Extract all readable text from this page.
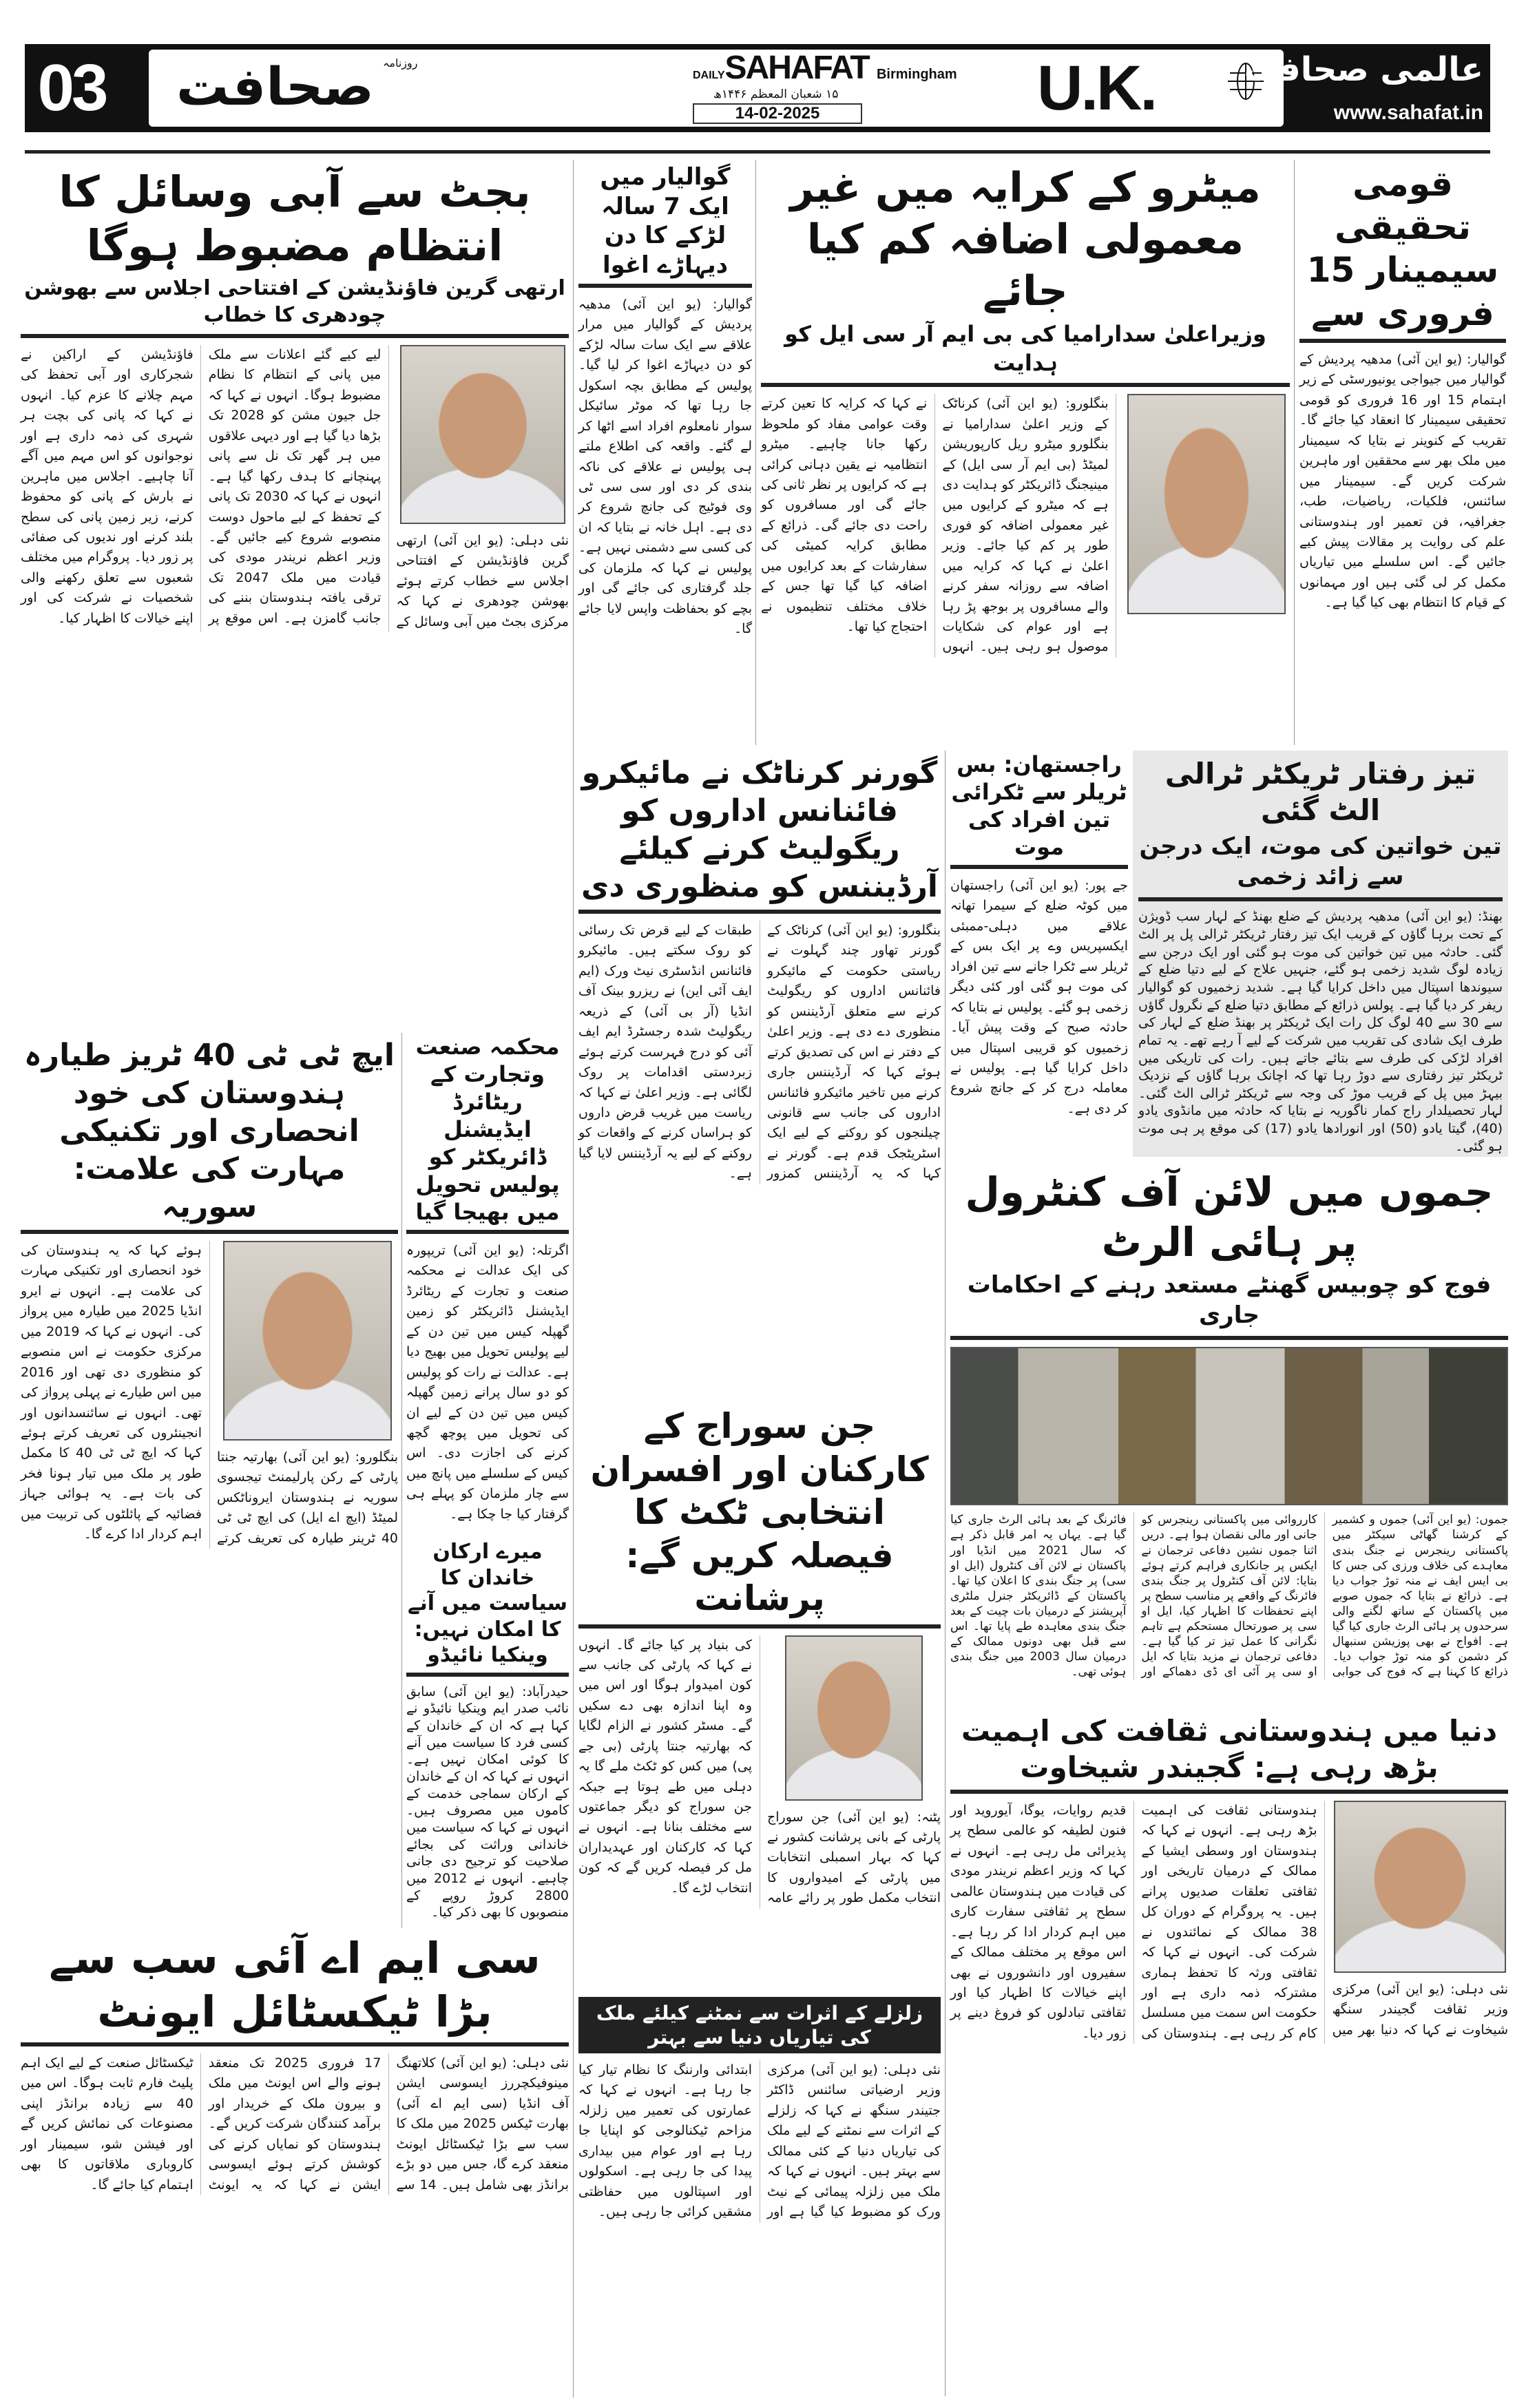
03 صحافت روزنامہ
DAILYSAHAFAT Birmingham
۱۵ شعبان المعظم ۱۴۴۶ھ
14-02-2025	U.K.	عالمی صحافت
www.sahafat.in
قومی تحقیقی سیمینار 15 فروری سے
گوالیار: (یو این آئی) مدھیہ پردیش کے گوالیار میں جیواجی یونیورسٹی کے زیر اہتمام 15 اور 16 فروری کو قومی تحقیقی سیمینار کا انعقاد کیا جائے گا۔ تقریب کے کنوینر نے بتایا کہ سیمینار میں ملک بھر سے محققین اور ماہرین شرکت کریں گے۔ سیمینار میں سائنس، فلکیات، ریاضیات، طب، جغرافیہ، فن تعمیر اور ہندوستانی علم کی روایت پر مقالات پیش کیے جائیں گے۔ اس سلسلے میں تیاریاں مکمل کر لی گئی ہیں اور مہمانوں کے قیام کا انتظام بھی کیا گیا ہے۔
میٹرو کے کرایہ میں غیر معمولی اضافہ کم کیا جائے
وزیراعلیٰ سدارامیا کی بی ایم آر سی ایل کو ہدایت
بنگلورو: (یو این آئی) کرناٹک کے وزیر اعلیٰ سدارامیا نے بنگلورو میٹرو ریل کارپوریشن لمیٹڈ (بی ایم آر سی ایل) کے مینیجنگ ڈائریکٹر کو ہدایت دی ہے کہ میٹرو کے کرایوں میں غیر معمولی اضافہ کو فوری طور پر کم کیا جائے۔ وزیر اعلیٰ نے کہا کہ کرایہ میں اضافہ سے روزانہ سفر کرنے والے مسافروں پر بوجھ پڑ رہا ہے اور عوام کی شکایات موصول ہو رہی ہیں۔ انہوں نے کہا کہ کرایہ کا تعین کرتے وقت عوامی مفاد کو ملحوظ رکھا جانا چاہیے۔ میٹرو انتظامیہ نے یقین دہانی کرائی ہے کہ کرایوں پر نظر ثانی کی جائے گی اور مسافروں کو راحت دی جائے گی۔ ذرائع کے مطابق کرایہ کمیٹی کی سفارشات کے بعد کرایوں میں اضافہ کیا گیا تھا جس کے خلاف مختلف تنظیموں نے احتجاج کیا تھا۔
گوالیار میں ایک 7 سالہ لڑکے کا دن دیہاڑے اغوا
گوالیار: (یو این آئی) مدھیہ پردیش کے گوالیار میں مرار علاقے سے ایک سات سالہ لڑکے کو دن دیہاڑے اغوا کر لیا گیا۔ پولیس کے مطابق بچہ اسکول جا رہا تھا کہ موٹر سائیکل سوار نامعلوم افراد اسے اٹھا کر لے گئے۔ واقعہ کی اطلاع ملتے ہی پولیس نے علاقے کی ناکہ بندی کر دی اور سی سی ٹی وی فوٹیج کی جانچ شروع کر دی ہے۔ اہل خانہ نے بتایا کہ ان کی کسی سے دشمنی نہیں ہے۔ پولیس نے کہا کہ ملزمان کی جلد گرفتاری کی جائے گی اور بچے کو بحفاظت واپس لایا جائے گا۔
بجٹ سے آبی وسائل کا انتظام مضبوط ہوگا
ارتھی گرین فاؤنڈیشن کے افتتاحی اجلاس سے بھوشن چودھری کا خطاب
نئی دہلی: (یو این آئی) ارتھی گرین فاؤنڈیشن کے افتتاحی اجلاس سے خطاب کرتے ہوئے بھوشن چودھری نے کہا کہ مرکزی بجٹ میں آبی وسائل کے لیے کیے گئے اعلانات سے ملک میں پانی کے انتظام کا نظام مضبوط ہوگا۔ انہوں نے کہا کہ جل جیون مشن کو 2028 تک بڑھا دیا گیا ہے اور دیہی علاقوں میں ہر گھر تک نل سے پانی پہنچانے کا ہدف رکھا گیا ہے۔ انہوں نے کہا کہ 2030 تک پانی کے تحفظ کے لیے ماحول دوست منصوبے شروع کیے جائیں گے۔ وزیر اعظم نریندر مودی کی قیادت میں ملک 2047 تک ترقی یافتہ ہندوستان بننے کی جانب گامزن ہے۔ اس موقع پر فاؤنڈیشن کے اراکین نے شجرکاری اور آبی تحفظ کی مہم چلانے کا عزم کیا۔ انہوں نے کہا کہ پانی کی بچت ہر شہری کی ذمہ داری ہے اور نوجوانوں کو اس مہم میں آگے آنا چاہیے۔ اجلاس میں ماہرین نے بارش کے پانی کو محفوظ کرنے، زیر زمین پانی کی سطح بلند کرنے اور ندیوں کی صفائی پر زور دیا۔ پروگرام میں مختلف شعبوں سے تعلق رکھنے والی شخصیات نے شرکت کی اور اپنے خیالات کا اظہار کیا۔
تیز رفتار ٹریکٹر ٹرالی الٹ گئی
تین خواتین کی موت، ایک درجن سے زائد زخمی
بھنڈ: (یو این آئی) مدھیہ پردیش کے ضلع بھنڈ کے لہار سب ڈویژن کے تحت برہا گاؤں کے قریب ایک تیز رفتار ٹریکٹر ٹرالی پل پر الٹ گئی۔ حادثہ میں تین خواتین کی موت ہو گئی اور ایک درجن سے زیادہ لوگ شدید زخمی ہو گئے، جنہیں علاج کے لیے دتیا ضلع کے سیوندھا اسپتال میں داخل کرایا گیا ہے۔ شدید زخمیوں کو گوالیار ریفر کر دیا گیا ہے۔ پولس ذرائع کے مطابق دتیا ضلع کے نگرول گاؤں سے 30 سے 40 لوگ کل رات ایک ٹریکٹر پر بھنڈ ضلع کے لہار کی طرف ایک شادی کی تقریب میں شرکت کے لیے آ رہے تھے۔ یہ تمام افراد لڑکی کی طرف سے بتائے جاتے ہیں۔ رات کی تاریکی میں ٹریکٹر تیز رفتاری سے دوڑ رہا تھا کہ اچانک برہا گاؤں کے نزدیک بیہڑ میں پل کے قریب موڑ کی وجہ سے ٹریکٹر ٹرالی الٹ گئی۔ لہار تحصیلدار راج کمار ناگوریہ نے بتایا کہ حادثہ میں مانڈوی یادو (40)، گیتا یادو (50) اور انورادھا یادو (17) کی موقع پر ہی موت ہو گئی۔
راجستھان: بس ٹریلر سے ٹکرائی تین افراد کی موت
جے پور: (یو این آئی) راجستھان میں کوٹہ ضلع کے سیمرا تھانہ علاقے میں دہلی-ممبئی ایکسپریس وے پر ایک بس کے ٹریلر سے ٹکرا جانے سے تین افراد کی موت ہو گئی اور کئی دیگر زخمی ہو گئے۔ پولیس نے بتایا کہ حادثہ صبح کے وقت پیش آیا۔ زخمیوں کو قریبی اسپتال میں داخل کرایا گیا ہے۔ پولیس نے معاملہ درج کر کے جانچ شروع کر دی ہے۔
گورنر کرناٹک نے مائیکرو فائنانس اداروں کو ریگولیٹ کرنے کیلئے آرڈیننس کو منظوری دی
بنگلورو: (یو این آئی) کرناٹک کے گورنر تھاور چند گہلوت نے ریاستی حکومت کے مائیکرو فائنانس اداروں کو ریگولیٹ کرنے سے متعلق آرڈیننس کو منظوری دے دی ہے۔ وزیر اعلیٰ کے دفتر نے اس کی تصدیق کرتے ہوئے کہا کہ آرڈیننس جاری کرنے میں تاخیر مائیکرو فائنانس اداروں کی جانب سے قانونی چیلنجوں کو روکنے کے لیے ایک اسٹریٹجک قدم ہے۔ گورنر نے کہا کہ یہ آرڈیننس کمزور طبقات کے لیے قرض تک رسائی کو روک سکتے ہیں۔ مائیکرو فائنانس انڈسٹری نیٹ ورک (ایم ایف آئی این) نے ریزرو بینک آف انڈیا (آر بی آئی) کے ذریعہ ریگولیٹ شدہ رجسٹرڈ ایم ایف آئی کو درج فہرست کرتے ہوئے زبردستی اقدامات پر روک لگائی ہے۔ وزیر اعلیٰ نے کہا کہ ریاست میں غریب قرض داروں کو ہراساں کرنے کے واقعات کو روکنے کے لیے یہ آرڈیننس لایا گیا ہے۔
ایچ ٹی ٹی 40 ٹریز طیارہ ہندوستان کی خود انحصاری اور تکنیکی مہارت کی علامت: سوریہ
بنگلورو: (یو این آئی) بھارتیہ جنتا پارٹی کے رکن پارلیمنٹ تیجسوی سوریہ نے ہندوستان ایروناٹکس لمیٹڈ (ایچ اے ایل) کی ایچ ٹی ٹی 40 ٹرینر طیارہ کی تعریف کرتے ہوئے کہا کہ یہ ہندوستان کی خود انحصاری اور تکنیکی مہارت کی علامت ہے۔ انہوں نے ایرو انڈیا 2025 میں طیارہ میں پرواز کی۔ انہوں نے کہا کہ 2019 میں مرکزی حکومت نے اس منصوبے کو منظوری دی تھی اور 2016 میں اس طیارے نے پہلی پرواز کی تھی۔ انہوں نے سائنسدانوں اور انجینئروں کی تعریف کرتے ہوئے کہا کہ ایچ ٹی ٹی 40 کا مکمل طور پر ملک میں تیار ہونا فخر کی بات ہے۔ یہ ہوائی جہاز فضائیہ کے پائلٹوں کی تربیت میں اہم کردار ادا کرے گا۔
محکمہ صنعت وتجارت کے ریٹائرڈ ایڈیشنل ڈائریکٹر کو پولیس تحویل میں بھیجا گیا
اگرتلہ: (یو این آئی) تریپورہ کی ایک عدالت نے محکمہ صنعت و تجارت کے ریٹائرڈ ایڈیشنل ڈائریکٹر کو زمین گھپلہ کیس میں تین دن کے لیے پولیس تحویل میں بھیج دیا ہے۔ عدالت نے رات کو پولیس کو دو سال پرانے زمین گھپلہ کیس میں تین دن کے لیے ان کی تحویل میں پوچھ گچھ کرنے کی اجازت دی۔ اس کیس کے سلسلے میں پانچ میں سے چار ملزمان کو پہلے ہی گرفتار کیا جا چکا ہے۔
جموں میں لائن آف کنٹرول پر ہائی الرٹ
فوج کو چوبیس گھنٹے مستعد رہنے کے احکامات جاری
جموں: (یو این آئی) جموں و کشمیر کے کرشنا گھاٹی سیکٹر میں پاکستانی رینجرس نے جنگ بندی معاہدے کی خلاف ورزی کی جس کا بی ایس ایف نے منہ توڑ جواب دیا ہے۔ ذرائع نے بتایا کہ جموں صوبے میں پاکستان کے ساتھ لگنے والی سرحدوں پر ہائی الرٹ جاری کیا گیا ہے۔ افواج نے بھی پوزیشن سنبھال کر دشمن کو منہ توڑ جواب دیا۔ ذرائع کا کہنا ہے کہ فوج کی جوابی کارروائی میں پاکستانی رینجرس کو جانی اور مالی نقصان ہوا ہے۔ دریں اثنا جموں نشین دفاعی ترجمان نے ایکس پر جانکاری فراہم کرتے ہوئے بتایا: لائن آف کنٹرول پر جنگ بندی فائرنگ کے واقعے پر مناسب سطح پر اپنے تحفظات کا اظہار کیا، ایل او سی پر صورتحال مستحکم ہے تاہم نگرانی کا عمل تیز تر کیا گیا ہے۔ دفاعی ترجمان نے مزید بتایا کہ ایل او سی پر آئی ای ڈی دھماکے اور فائرنگ کے بعد ہائی الرٹ جاری کیا گیا ہے۔ یہاں یہ امر قابل ذکر ہے کہ سال 2021 میں انڈیا اور پاکستان نے لائن آف کنٹرول (ایل او سی) پر جنگ بندی کا اعلان کیا تھا۔ پاکستان کے ڈائریکٹر جنرل ملٹری آپریشنز کے درمیان بات چیت کے بعد جنگ بندی معاہدہ طے پایا تھا۔ اس سے قبل بھی دونوں ممالک کے درمیان سال 2003 میں جنگ بندی ہوئی تھی۔
جن سوراج کے کارکنان اور افسران انتخابی ٹکٹ کا فیصلہ کریں گے: پرشانت
پٹنہ: (یو این آئی) جن سوراج پارٹی کے بانی پرشانت کشور نے کہا کہ بہار اسمبلی انتخابات میں پارٹی کے امیدواروں کا انتخاب مکمل طور پر رائے عامہ کی بنیاد پر کیا جائے گا۔ انہوں نے کہا کہ پارٹی کی جانب سے کون امیدوار ہوگا اور اس میں وہ اپنا اندازہ بھی دے سکیں گے۔ مسٹر کشور نے الزام لگایا کہ بھارتیہ جنتا پارٹی (بی جے پی) میں کس کو ٹکٹ ملے گا یہ دہلی میں طے ہوتا ہے جبکہ جن سوراج کو دیگر جماعتوں سے مختلف بنانا ہے۔ انہوں نے کہا کہ کارکنان اور عہدیداران مل کر فیصلہ کریں گے کہ کون انتخاب لڑے گا۔
میرے ارکان خاندان کا سیاست میں آنے کا امکان نہیں: وینکیا نائیڈو
حیدرآباد: (یو این آئی) سابق نائب صدر ایم وینکیا نائیڈو نے کہا ہے کہ ان کے خاندان کے کسی فرد کا سیاست میں آنے کا کوئی امکان نہیں ہے۔ انہوں نے کہا کہ ان کے خاندان کے ارکان سماجی خدمت کے کاموں میں مصروف ہیں۔ انہوں نے کہا کہ سیاست میں خاندانی وراثت کی بجائے صلاحیت کو ترجیح دی جانی چاہیے۔ انہوں نے 2012 میں 2800 کروڑ روپے کے منصوبوں کا بھی ذکر کیا۔
دنیا میں ہندوستانی ثقافت کی اہمیت بڑھ رہی ہے: گجیندر شیخاوت
نئی دہلی: (یو این آئی) مرکزی وزیر ثقافت گجیندر سنگھ شیخاوت نے کہا کہ دنیا بھر میں ہندوستانی ثقافت کی اہمیت بڑھ رہی ہے۔ انہوں نے کہا کہ ہندوستان اور وسطی ایشیا کے ممالک کے درمیان تاریخی اور ثقافتی تعلقات صدیوں پرانے ہیں۔ یہ پروگرام کے دوران کل 38 ممالک کے نمائندوں نے شرکت کی۔ انہوں نے کہا کہ ثقافتی ورثہ کا تحفظ ہماری مشترکہ ذمہ داری ہے اور حکومت اس سمت میں مسلسل کام کر رہی ہے۔ ہندوستان کی قدیم روایات، یوگا، آیوروید اور فنون لطیفہ کو عالمی سطح پر پذیرائی مل رہی ہے۔ انہوں نے کہا کہ وزیر اعظم نریندر مودی کی قیادت میں ہندوستان عالمی سطح پر ثقافتی سفارت کاری میں اہم کردار ادا کر رہا ہے۔ اس موقع پر مختلف ممالک کے سفیروں اور دانشوروں نے بھی اپنے خیالات کا اظہار کیا اور ثقافتی تبادلوں کو فروغ دینے پر زور دیا۔
سی ایم اے آئی سب سے بڑا ٹیکسٹائل ایونٹ
نئی دہلی: (یو این آئی) کلاتھنگ مینوفیکچررز ایسوسی ایشن آف انڈیا (سی ایم اے آئی) بھارت ٹیکس 2025 میں ملک کا سب سے بڑا ٹیکسٹائل ایونٹ منعقد کرے گا، جس میں دو بڑے برانڈز بھی شامل ہیں۔ 14 سے 17 فروری 2025 تک منعقد ہونے والے اس ایونٹ میں ملک و بیرون ملک کے خریدار اور برآمد کنندگان شرکت کریں گے۔ ہندوستان کو نمایاں کرنے کی کوشش کرتے ہوئے ایسوسی ایشن نے کہا کہ یہ ایونٹ ٹیکسٹائل صنعت کے لیے ایک اہم پلیٹ فارم ثابت ہوگا۔ اس میں 40 سے زیادہ برانڈز اپنی مصنوعات کی نمائش کریں گے اور فیشن شو، سیمینار اور کاروباری ملاقاتوں کا بھی اہتمام کیا جائے گا۔
زلزلے کے اثرات سے نمٹنے کیلئے ملک کی تیاریاں دنیا سے بہتر
نئی دہلی: (یو این آئی) مرکزی وزیر ارضیاتی سائنس ڈاکٹر جتیندر سنگھ نے کہا کہ زلزلے کے اثرات سے نمٹنے کے لیے ملک کی تیاریاں دنیا کے کئی ممالک سے بہتر ہیں۔ انہوں نے کہا کہ ملک میں زلزلہ پیمائی کے نیٹ ورک کو مضبوط کیا گیا ہے اور ابتدائی وارننگ کا نظام تیار کیا جا رہا ہے۔ انہوں نے کہا کہ عمارتوں کی تعمیر میں زلزلہ مزاحم ٹیکنالوجی کو اپنایا جا رہا ہے اور عوام میں بیداری پیدا کی جا رہی ہے۔ اسکولوں اور اسپتالوں میں حفاظتی مشقیں کرائی جا رہی ہیں۔
